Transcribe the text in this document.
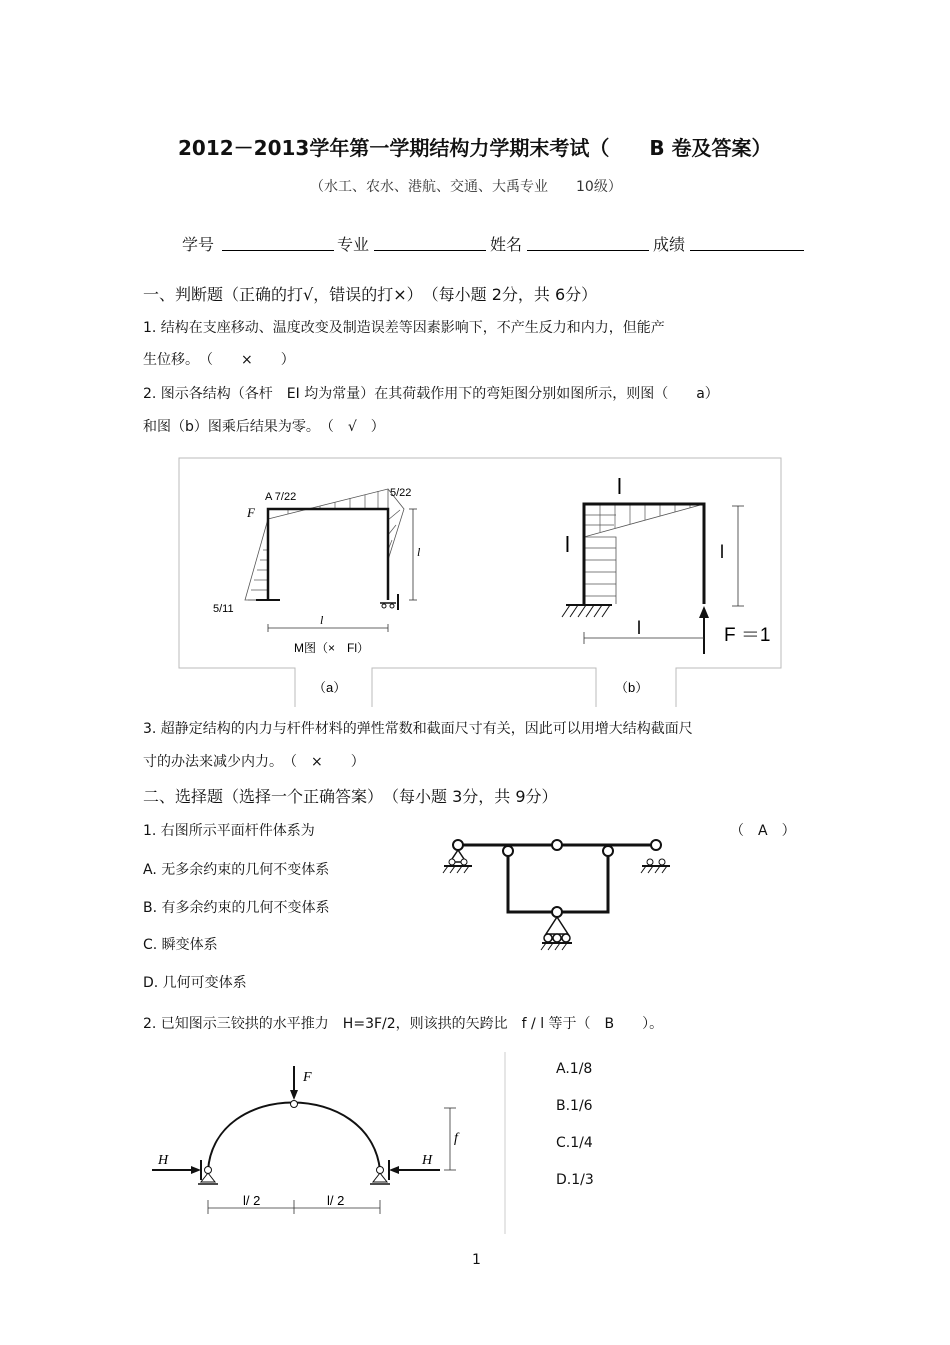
2012－2013学年第一学期结构力学期末考试（　　B 卷及答案）
（水工、农水、港航、交通、大禹专业　　10级）
学号	专业	姓名	成绩
一、判断题（正确的打√，错误的打×）　（每小题 2分，共 6分）
1. 结构在支座移动、温度改变及制造误差等因素影响下，不产生反力和内力，但能产
生位移。　（　　×　　）
2. 图示各结构（各杆　EI 均为常量）在其荷载作用下的弯矩图分别如图所示，则图（　　a）
和图（b）图乘后结果为零。　（　√　）
A 7/22	5/22
5/11
F
l
l
M图（×　Fl）
（a）
l
l	l
l	F ＝1
（b）
3. 超静定结构的内力与杆件材料的弹性常数和截面尺寸有关，因此可以用增大结构截面尺
寸的办法来减少内力。　（　×　　）
二、选择题（选择一个正确答案）　（每小题 3分，共 9分）
1. 右图所示平面杆件体系为	（　A　）
A. 无多余约束的几何不变体系
B. 有多余约束的几何不变体系
C. 瞬变体系
D. 几何可变体系
2. 已知图示三铰拱的水平推力　H=3F/2，则该拱的矢跨比　f / l 等于（　B　　）。
F
H	H
f
l/ 2	l/ 2
A.1/8
B.1/6
C.1/4
D.1/3
1
